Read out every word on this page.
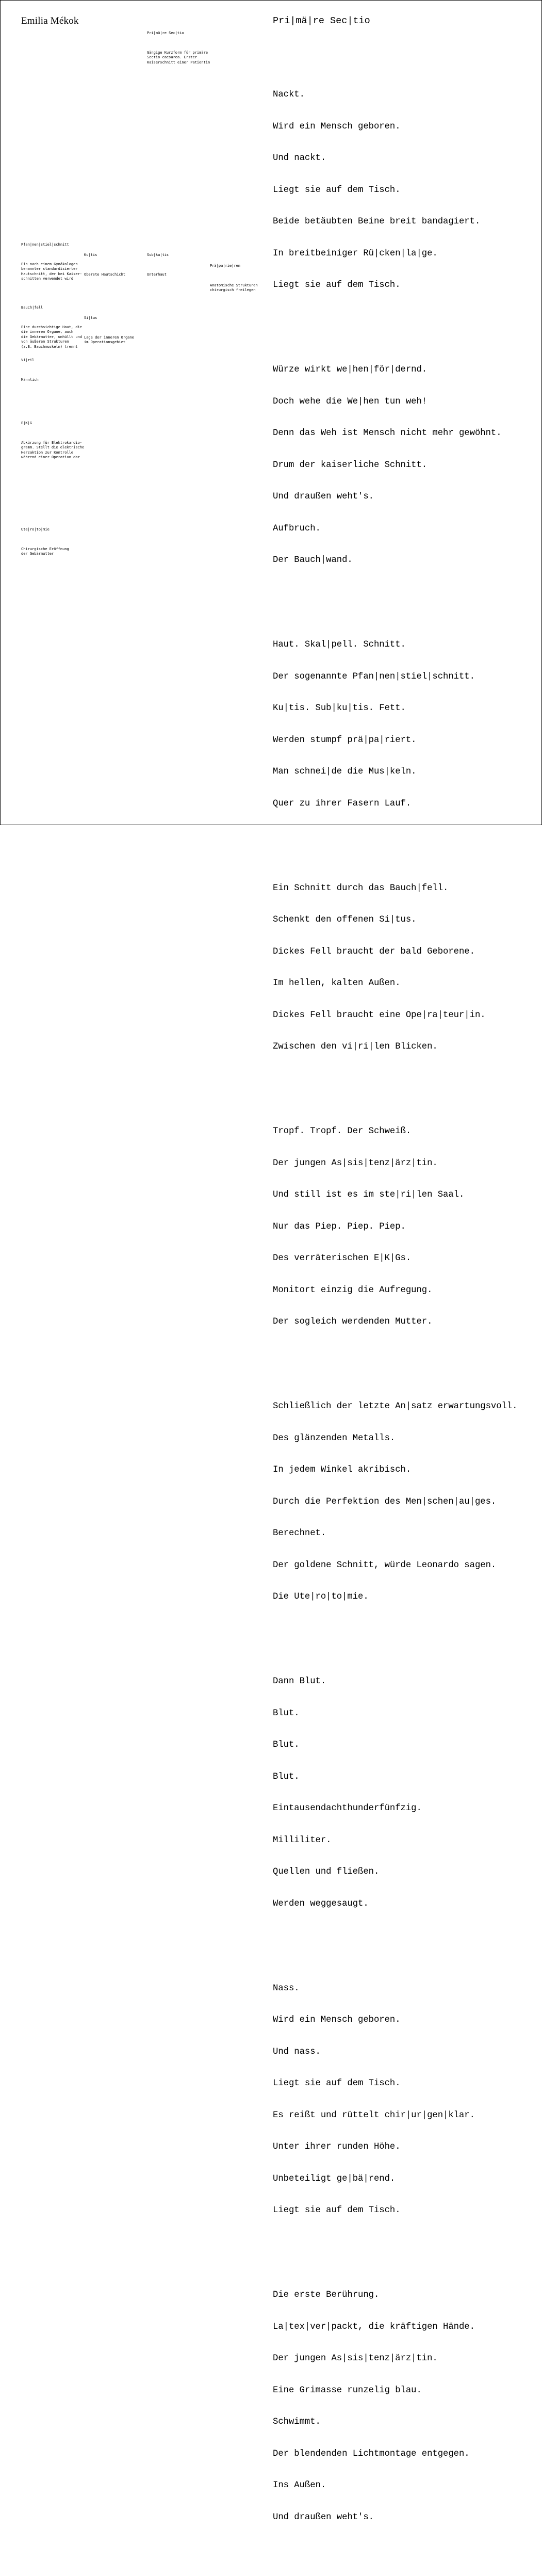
Emilia Mékok	Pri|mä|re Sec|tio

Pri|mä|re Sec|tio

Gängige Kurzform für primäre
Sectio caesarea. Erster
Kaiserschnitt einer Patientin

Pfan|nen|stiel|schnitt

Ein nach einem Gynäkologen
benannter standardisierter
Hautschnitt, der bei Kaiser-
schnitten verwendet wird

Ku|tis

Oberste Hautschicht

Sub|ku|tis

Unterhaut

Prä|pa|rie|ren

Anatomische Strukturen
chirurgisch freilegen

Bauch|fell

Eine durchsichtige Haut, die
die inneren Organe, auch
die Gebärmutter, umhüllt und
von äußeren Strukturen
(z.B. Bauchmuskeln) trennt

Si|tus

Lage der inneren Organe
im Operationsgebiet

Vi|ril

Männlich

E|K|G

Abkürzung für Elektrokardio-
gramm. Stellt die elektrische
Herzaktion zur Kontrolle
während einer Operation dar

Ute|ro|to|mie

Chirurgische Eröffnung
der Gebärmutter

Nackt.

Wird ein Mensch geboren.

Und nackt.

Liegt sie auf dem Tisch.

Beide betäubten Beine breit bandagiert.

In breitbeiniger Rü|cken|la|ge.

Liegt sie auf dem Tisch.

Würze wirkt we|hen|för|dernd.

Doch wehe die We|hen tun weh!

Denn das Weh ist Mensch nicht mehr gewöhnt.

Drum der kaiserliche Schnitt.

Und draußen weht's.

Aufbruch.

Der Bauch|wand.

Haut. Skal|pell. Schnitt.

Der sogenannte Pfan|nen|stiel|schnitt.

Ku|tis. Sub|ku|tis. Fett.

Werden stumpf prä|pa|riert.

Man schnei|de die Mus|keln.

Quer zu ihrer Fasern Lauf.

Ein Schnitt durch das Bauch|fell.

Schenkt den offenen Si|tus.

Dickes Fell braucht der bald Geborene.

Im hellen, kalten Außen.

Dickes Fell braucht eine Ope|ra|teur|in.

Zwischen den vi|ri|len Blicken.

Tropf. Tropf. Der Schweiß.

Der jungen As|sis|tenz|ärz|tin.

Und still ist es im ste|ri|len Saal.

Nur das Piep. Piep. Piep.

Des verräterischen E|K|Gs.

Monitort einzig die Aufregung.

Der sogleich werdenden Mutter.

Schließlich der letzte An|satz erwartungsvoll.

Des glänzenden Metalls.

In jedem Winkel akribisch.

Durch die Perfektion des Men|schen|au|ges.

Berechnet.

Der goldene Schnitt, würde Leonardo sagen.

Die Ute|ro|to|mie.

Dann Blut.

Blut.

Blut.

Blut.

Eintausendachthunderfünfzig.

Milliliter.

Quellen und fließen.

Werden weggesaugt.

Nass.

Wird ein Mensch geboren.

Und nass.

Liegt sie auf dem Tisch.

Es reißt und rüttelt chir|ur|gen|klar.

Unter ihrer runden Höhe.

Unbeteiligt ge|bä|rend.

Liegt sie auf dem Tisch.

Die erste Berührung.

La|tex|ver|packt, die kräftigen Hände.

Der jungen As|sis|tenz|ärz|tin.

Eine Grimasse runzelig blau.

Schwimmt.

Der blendenden Lichtmontage entgegen.

Ins Außen.

Und draußen weht's.
